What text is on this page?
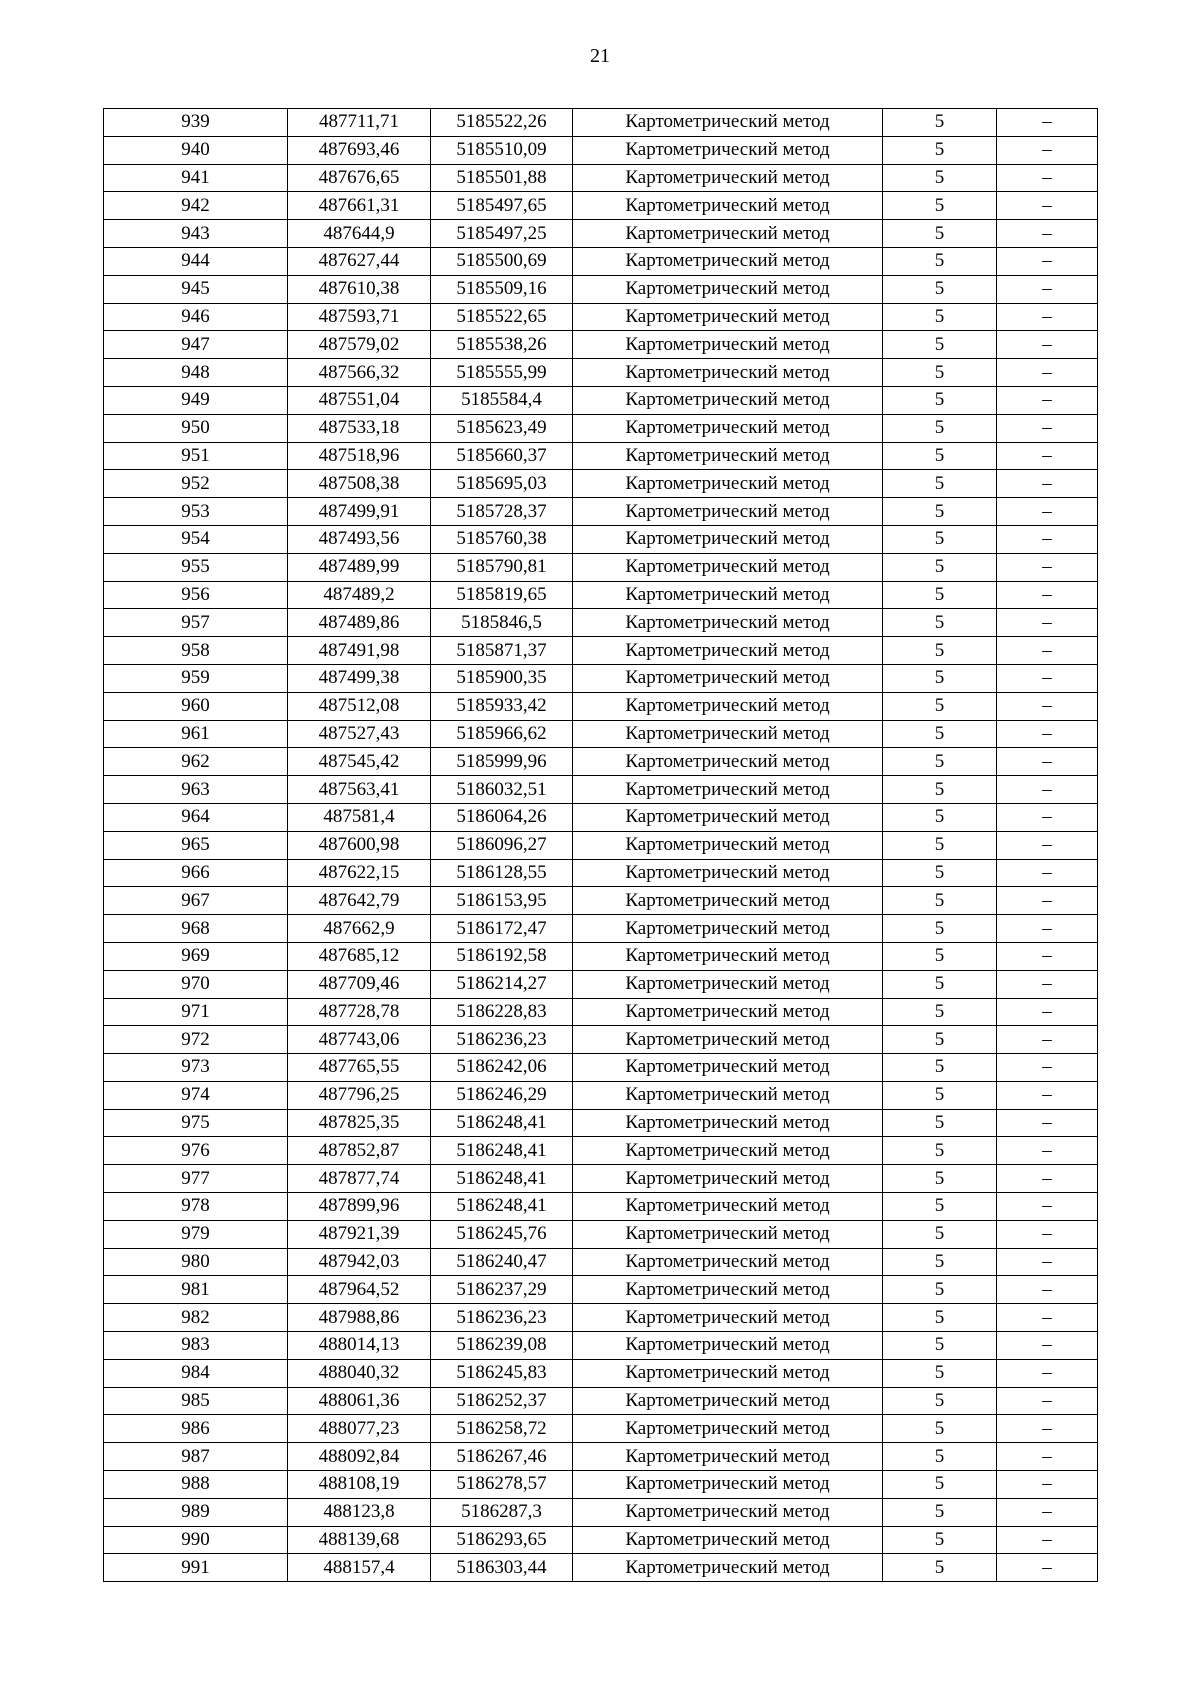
21
939	487711,71	5185522,26	Картометрический метод	5	–
940	487693,46	5185510,09	Картометрический метод	5	–
941	487676,65	5185501,88	Картометрический метод	5	–
942	487661,31	5185497,65	Картометрический метод	5	–
943	487644,9	5185497,25	Картометрический метод	5	–
944	487627,44	5185500,69	Картометрический метод	5	–
945	487610,38	5185509,16	Картометрический метод	5	–
946	487593,71	5185522,65	Картометрический метод	5	–
947	487579,02	5185538,26	Картометрический метод	5	–
948	487566,32	5185555,99	Картометрический метод	5	–
949	487551,04	5185584,4	Картометрический метод	5	–
950	487533,18	5185623,49	Картометрический метод	5	–
951	487518,96	5185660,37	Картометрический метод	5	–
952	487508,38	5185695,03	Картометрический метод	5	–
953	487499,91	5185728,37	Картометрический метод	5	–
954	487493,56	5185760,38	Картометрический метод	5	–
955	487489,99	5185790,81	Картометрический метод	5	–
956	487489,2	5185819,65	Картометрический метод	5	–
957	487489,86	5185846,5	Картометрический метод	5	–
958	487491,98	5185871,37	Картометрический метод	5	–
959	487499,38	5185900,35	Картометрический метод	5	–
960	487512,08	5185933,42	Картометрический метод	5	–
961	487527,43	5185966,62	Картометрический метод	5	–
962	487545,42	5185999,96	Картометрический метод	5	–
963	487563,41	5186032,51	Картометрический метод	5	–
964	487581,4	5186064,26	Картометрический метод	5	–
965	487600,98	5186096,27	Картометрический метод	5	–
966	487622,15	5186128,55	Картометрический метод	5	–
967	487642,79	5186153,95	Картометрический метод	5	–
968	487662,9	5186172,47	Картометрический метод	5	–
969	487685,12	5186192,58	Картометрический метод	5	–
970	487709,46	5186214,27	Картометрический метод	5	–
971	487728,78	5186228,83	Картометрический метод	5	–
972	487743,06	5186236,23	Картометрический метод	5	–
973	487765,55	5186242,06	Картометрический метод	5	–
974	487796,25	5186246,29	Картометрический метод	5	–
975	487825,35	5186248,41	Картометрический метод	5	–
976	487852,87	5186248,41	Картометрический метод	5	–
977	487877,74	5186248,41	Картометрический метод	5	–
978	487899,96	5186248,41	Картометрический метод	5	–
979	487921,39	5186245,76	Картометрический метод	5	–
980	487942,03	5186240,47	Картометрический метод	5	–
981	487964,52	5186237,29	Картометрический метод	5	–
982	487988,86	5186236,23	Картометрический метод	5	–
983	488014,13	5186239,08	Картометрический метод	5	–
984	488040,32	5186245,83	Картометрический метод	5	–
985	488061,36	5186252,37	Картометрический метод	5	–
986	488077,23	5186258,72	Картометрический метод	5	–
987	488092,84	5186267,46	Картометрический метод	5	–
988	488108,19	5186278,57	Картометрический метод	5	–
989	488123,8	5186287,3	Картометрический метод	5	–
990	488139,68	5186293,65	Картометрический метод	5	–
991	488157,4	5186303,44	Картометрический метод	5	–
